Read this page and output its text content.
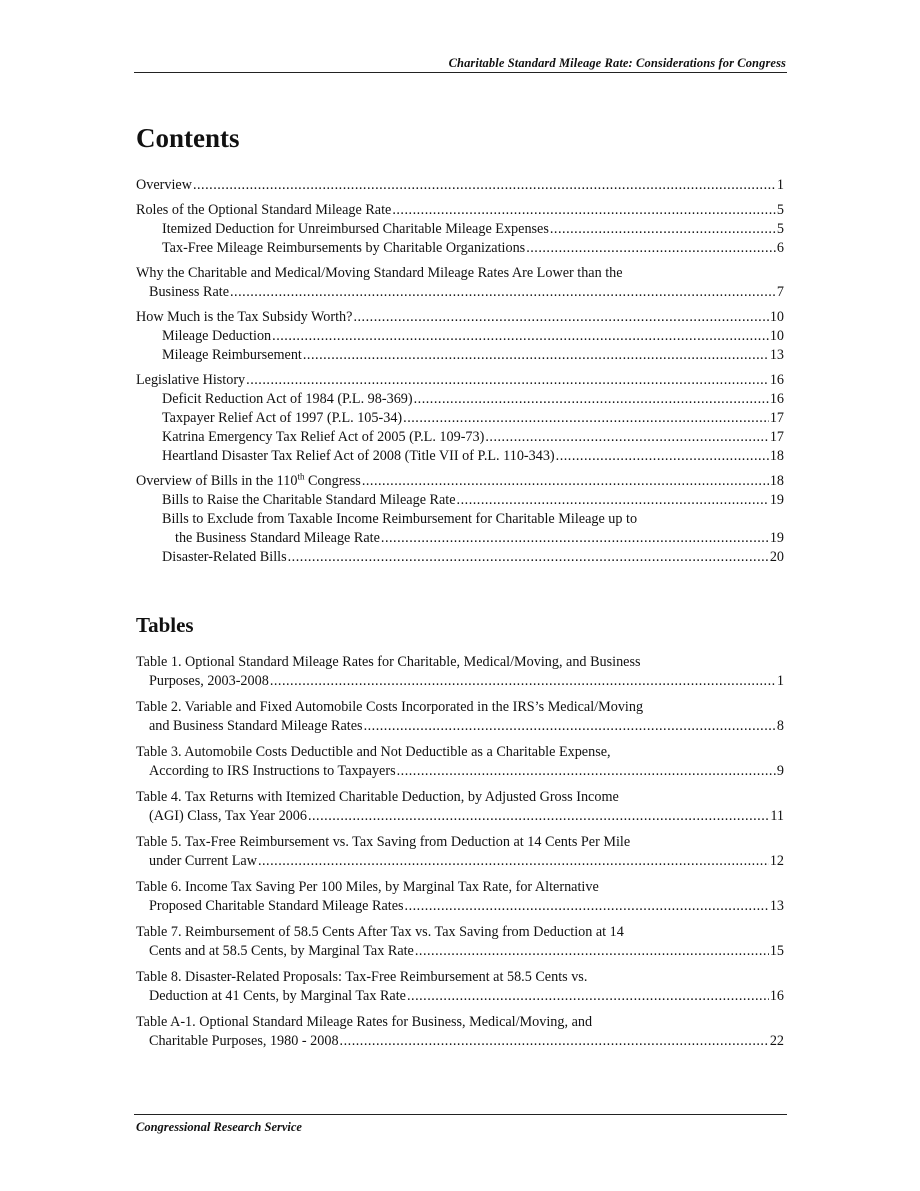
Charitable Standard Mileage Rate: Considerations for Congress
Contents
Overview .....	1
Roles of the Optional Standard Mileage Rate .....	5
Itemized Deduction for Unreimbursed Charitable Mileage Expenses .....	5
Tax-Free Mileage Reimbursements by Charitable Organizations .....	6
Why the Charitable and Medical/Moving Standard Mileage Rates Are Lower than the
Business Rate .....	7
How Much is the Tax Subsidy Worth? .....	10
Mileage Deduction .....	10
Mileage Reimbursement .....	13
Legislative History .....	16
Deficit Reduction Act of 1984 (P.L. 98-369) .....	16
Taxpayer Relief Act of 1997 (P.L. 105-34) .....	17
Katrina Emergency Tax Relief Act of 2005 (P.L. 109-73) .....	17
Heartland Disaster Tax Relief Act of 2008 (Title VII of P.L. 110-343) .....	18
Overview of Bills in the 110th Congress .....	18
Bills to Raise the Charitable Standard Mileage Rate .....	19
Bills to Exclude from Taxable Income Reimbursement for Charitable Mileage up to
the Business Standard Mileage Rate .....	19
Disaster-Related Bills .....	20
Tables
Table 1. Optional Standard Mileage Rates for Charitable, Medical/Moving, and Business
Purposes, 2003-2008 .....	1
Table 2. Variable and Fixed Automobile Costs Incorporated in the IRS’s Medical/Moving
and Business Standard Mileage Rates .....	8
Table 3. Automobile Costs Deductible and Not Deductible as a Charitable Expense,
According to IRS Instructions to Taxpayers .....	9
Table 4. Tax Returns with Itemized Charitable Deduction, by Adjusted Gross Income
(AGI) Class, Tax Year 2006 .....	11
Table 5. Tax-Free Reimbursement vs. Tax Saving from Deduction at 14 Cents Per Mile
under Current Law .....	12
Table 6. Income Tax Saving Per 100 Miles, by Marginal Tax Rate, for Alternative
Proposed Charitable Standard Mileage Rates .....	13
Table 7. Reimbursement of 58.5 Cents After Tax vs. Tax Saving from Deduction at 14
Cents and at 58.5 Cents, by Marginal Tax Rate .....	15
Table 8. Disaster-Related Proposals: Tax-Free Reimbursement at 58.5 Cents vs.
Deduction at 41 Cents, by Marginal Tax Rate .....	16
Table A-1. Optional Standard Mileage Rates for Business, Medical/Moving, and
Charitable Purposes, 1980 - 2008 .....	22
Congressional Research Service
